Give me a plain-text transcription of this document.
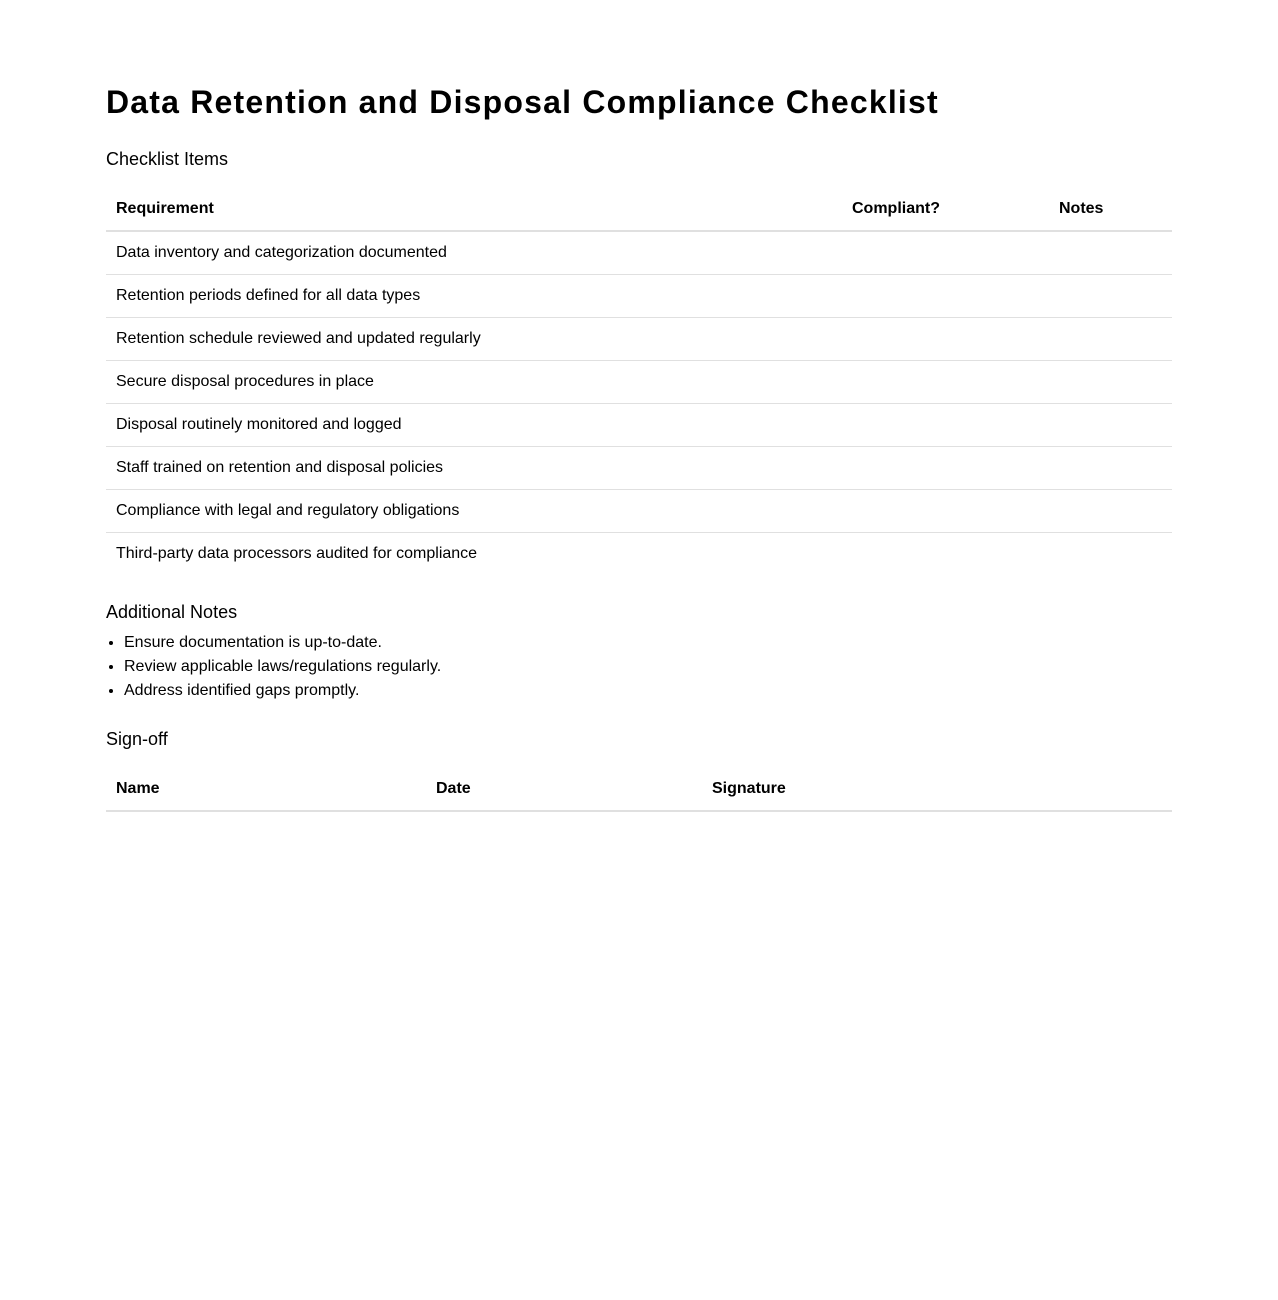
Data Retention and Disposal Compliance Checklist
Checklist Items
Requirement	Compliant?	Notes
Data inventory and categorization documented		
Retention periods defined for all data types		
Retention schedule reviewed and updated regularly		
Secure disposal procedures in place		
Disposal routinely monitored and logged		
Staff trained on retention and disposal policies		
Compliance with legal and regulatory obligations		
Third-party data processors audited for compliance		
Additional Notes
• Ensure documentation is up-to-date.
• Review applicable laws/regulations regularly.
• Address identified gaps promptly.
Sign-off
Name	Date	Signature
